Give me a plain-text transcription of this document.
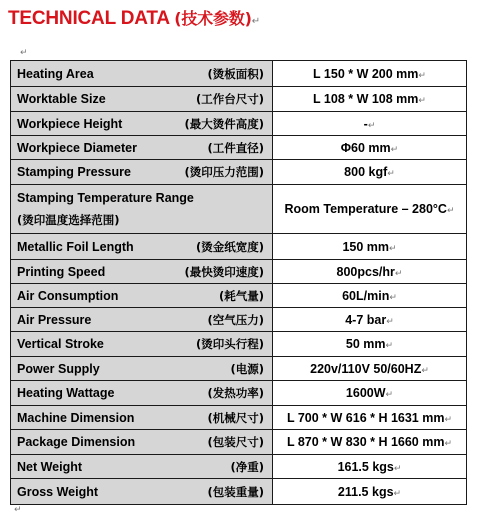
TECHNICAL DATA (技术参数)↵
↵
Heating Area (烫板面积)	L 150 * W 200 mm↵

Worktable Size (工作台尺寸)	L 108 * W 108 mm↵

Workpiece Height (最大烫件高度)	-↵

Workpiece Diameter (工件直径)	Φ60 mm↵

Stamping Pressure (烫印压力范围)	800 kgf↵

Stamping Temperature Range
(烫印温度选择范围)	Room Temperature – 280°C↵

Metallic Foil Length (烫金纸宽度)	150 mm↵

Printing Speed (最快烫印速度)	800pcs/hr↵

Air Consumption (耗气量)	60L/min↵

Air Pressure (空气压力)	4-7 bar↵

Vertical Stroke (烫印头行程)	50 mm↵

Power Supply (电源)	220v/110V 50/60HZ↵

Heating Wattage (发热功率)	1600W↵

Machine Dimension (机械尺寸)	L 700 * W 616 * H 1631 mm↵

Package Dimension (包装尺寸)	L 870 * W 830 * H 1660 mm↵

Net Weight (净重)	161.5 kgs↵

Gross Weight (包装重量)	211.5 kgs↵
↵
